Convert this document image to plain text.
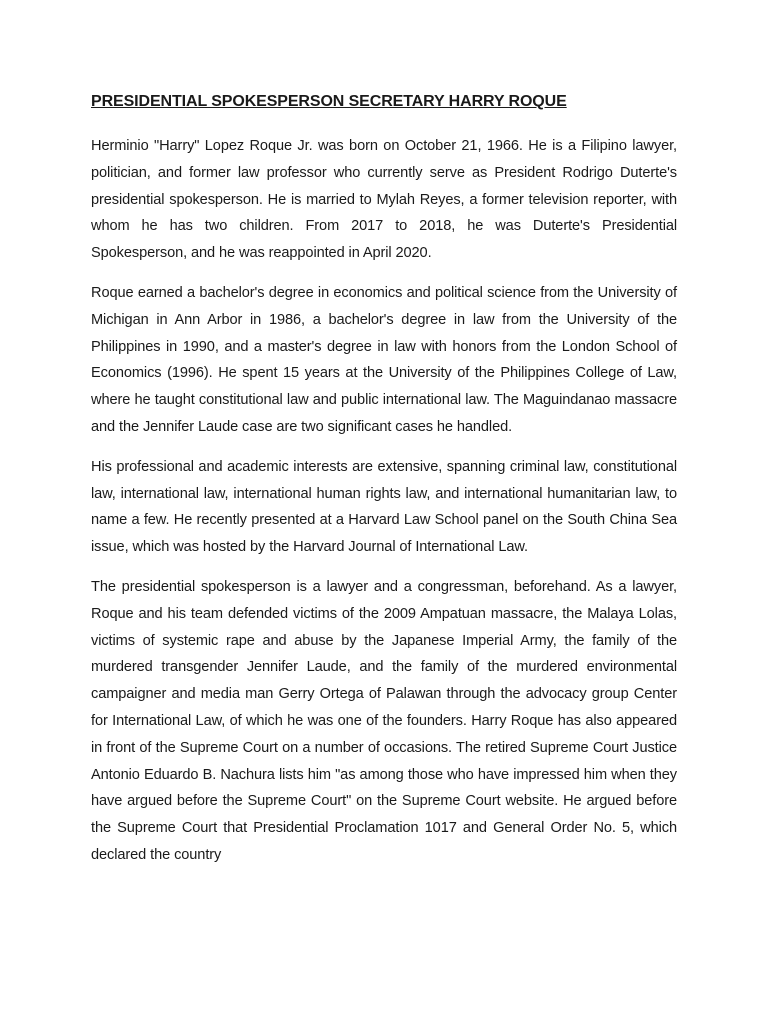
PRESIDENTIAL SPOKESPERSON SECRETARY HARRY ROQUE

Herminio "Harry" Lopez Roque Jr. was born on October 21, 1966. He is a Filipino lawyer, politician, and former law professor who currently serve as President Rodrigo Duterte's presidential spokesperson. He is married to Mylah Reyes, a former television reporter, with whom he has two children. From 2017 to 2018, he was Duterte's Presidential Spokesperson, and he was reappointed in April 2020.

Roque earned a bachelor's degree in economics and political science from the University of Michigan in Ann Arbor in 1986, a bachelor's degree in law from the University of the Philippines in 1990, and a master's degree in law with honors from the London School of Economics (1996). He spent 15 years at the University of the Philippines College of Law, where he taught constitutional law and public international law. The Maguindanao massacre and the Jennifer Laude case are two significant cases he handled.

His professional and academic interests are extensive, spanning criminal law, constitutional law, international law, international human rights law, and international humanitarian law, to name a few. He recently presented at a Harvard Law School panel on the South China Sea issue, which was hosted by the Harvard Journal of International Law.

The presidential spokesperson is a lawyer and a congressman, beforehand. As a lawyer, Roque and his team defended victims of the 2009 Ampatuan massacre, the Malaya Lolas, victims of systemic rape and abuse by the Japanese Imperial Army, the family of the murdered transgender Jennifer Laude, and the family of the murdered environmental campaigner and media man Gerry Ortega of Palawan through the advocacy group Center for International Law, of which he was one of the founders. Harry Roque has also appeared in front of the Supreme Court on a number of occasions. The retired Supreme Court Justice Antonio Eduardo B. Nachura lists him "as among those who have impressed him when they have argued before the Supreme Court" on the Supreme Court website. He argued before the Supreme Court that Presidential Proclamation 1017 and General Order No. 5, which declared the country
